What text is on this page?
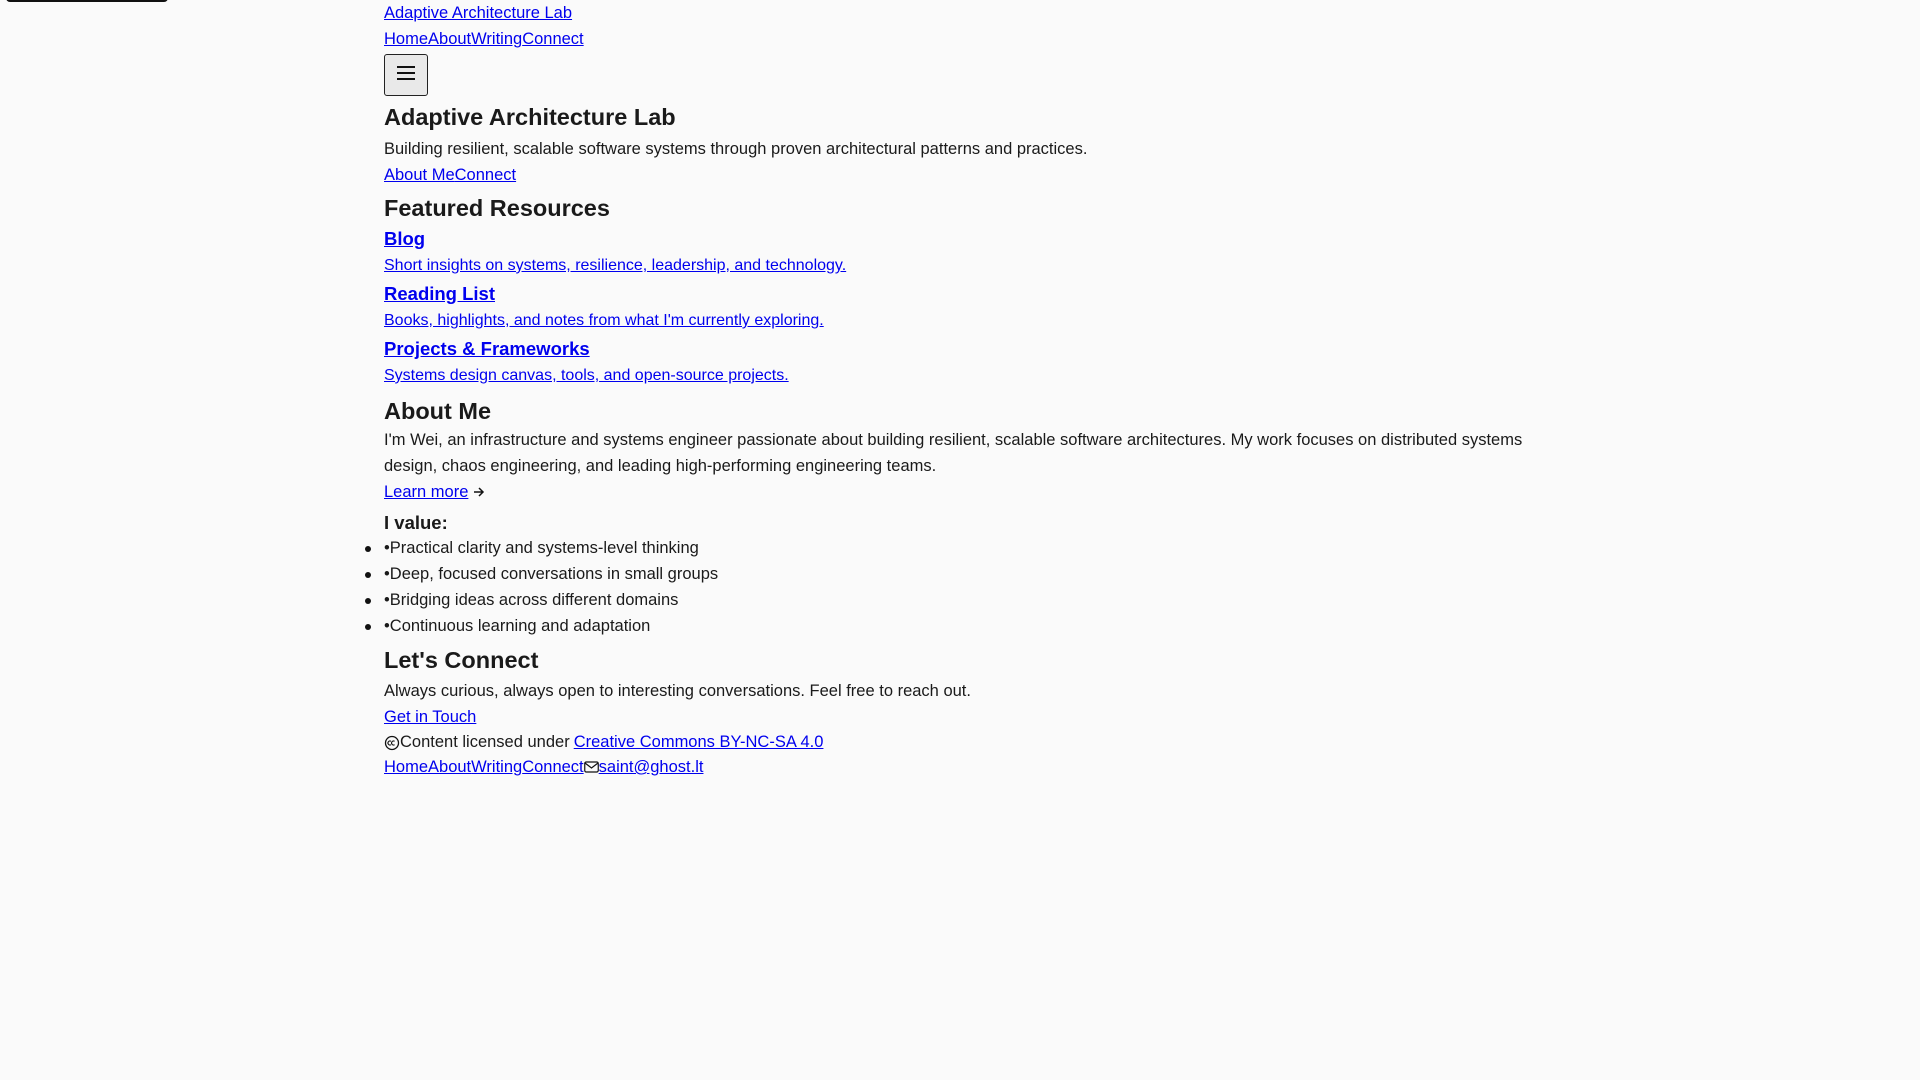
Adaptive Architecture Lab
Home About Writing Connect
Adaptive Architecture Lab
Building resilient, scalable software systems through proven architectural patterns and practices.
About Me Connect
Featured Resources
Blog
Short insights on systems, resilience, leadership, and technology.
Reading List
Books, highlights, and notes from what I'm currently exploring.
Projects & Frameworks
Systems design canvas, tools, and open-source projects.
About Me
I'm Wei, an infrastructure and systems engineer passionate about building resilient, scalable software architectures. My work focuses on distributed systems design, chaos engineering, and leading high-performing engineering teams.
Learn more
I value:
•Practical clarity and systems-level thinking
•Deep, focused conversations in small groups
•Bridging ideas across different domains
•Continuous learning and adaptation
Let's Connect
Always curious, always open to interesting conversations. Feel free to reach out.
Get in Touch
Content licensed under Creative Commons BY-NC-SA 4.0
Home About Writing Connect saint@ghost.lt
